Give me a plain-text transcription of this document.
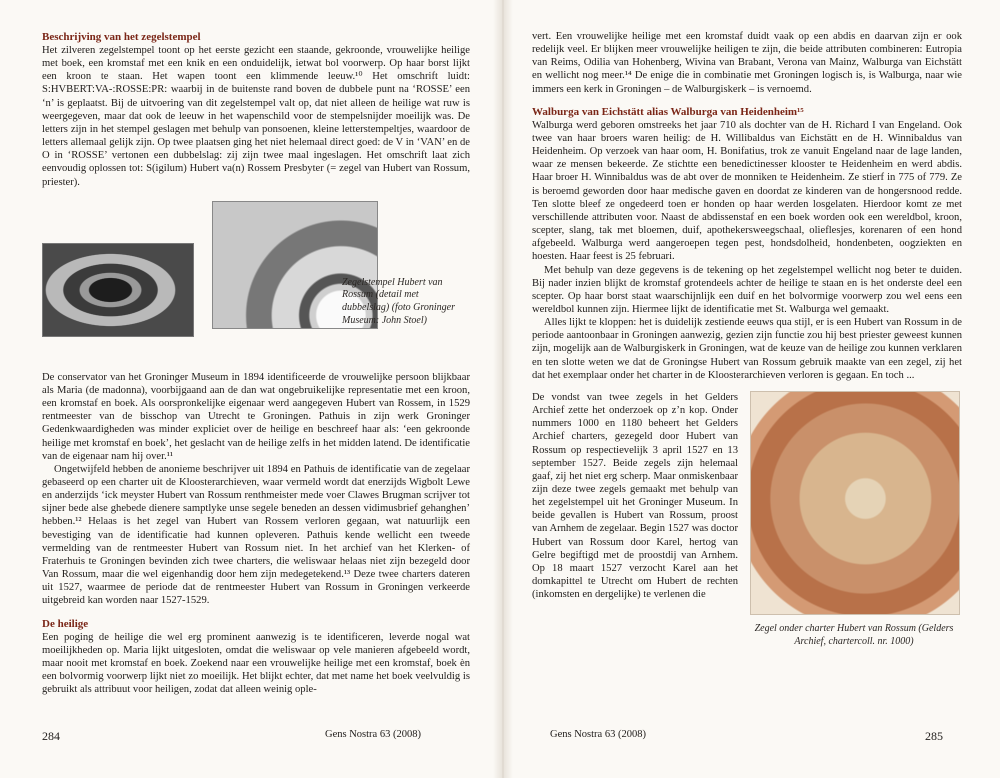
Beschrijving van het zegelstempel

Het zilveren zegelstempel toont op het eerste gezicht een staande, gekroonde, vrouwelijke heilige met boek, een kromstaf met een knik en een onduidelijk, ietwat bol voorwerp. Op haar borst lijkt een kroon te staan. Het wapen toont een klimmende leeuw.¹⁰ Het omschrift luidt: S:HVBERT:VA-:ROSSE:PR: waarbij in de buitenste rand boven de dubbele punt na ‘ROSSE’ een ‘n’ is geplaatst. Bij de uitvoering van dit zegelstempel valt op, dat niet alleen de heilige wat ruw is weergegeven, maar dat ook de leeuw in het wapenschild voor de stempelsnijder moeilijk was. De letters zijn in het stempel geslagen met behulp van ponsoenen, kleine letterstempeltjes, waardoor de letters allemaal gelijk zijn. Op twee plaatsen ging het niet helemaal direct goed: de V in ‘VAN’ en de O in ‘ROSSE’ vertonen een dubbelslag: zij zijn twee maal ingeslagen. Het omschrift laat zich eenvoudig oplossen tot: S(igilum) Hubert va(n) Rossem Presbyter (= zegel van Hubert van Rossum, priester).

Zegelstempel Hubert van Rossum (detail met dubbelslag) (foto Groninger Museum: John Stoel)

De conservator van het Groninger Museum in 1894 identificeerde de vrouwelijke persoon blijkbaar als Maria (de madonna), voorbijgaand aan de dan wat ongebruikelijke representatie met een kroon, een kromstaf en boek. Als oorspronkelijke eigenaar werd aangegeven Hubert van Rossem, in 1529 rentmeester van de bisschop van Utrecht te Groningen. Pathuis in zijn werk Groninger Gedenkwaardigheden was minder expliciet over de heilige en beschreef haar als: ‘een gekroonde heilige met kromstaf en boek’, het geslacht van de heilige zelfs in het midden latend. De identificatie van de eigenaar nam hij over.¹¹

Ongetwijfeld hebben de anonieme beschrijver uit 1894 en Pathuis de identificatie van de zegelaar gebaseerd op een charter uit de Kloosterarchieven, waar vermeld wordt dat enerzijds Wigbolt Lewe en anderzijds ‘ick meyster Hubert van Rossum renthmeister mede voer Clawes Brugman scrijver tot sijner bede alse ghebede dienere samptlyke unse segele beneden an dessen vidimusbrief gehanghen’ hebben.¹² Helaas is het zegel van Hubert van Rossem verloren gegaan, wat natuurlijk een bevestiging van de identificatie had kunnen opleveren. Pathuis kende wellicht een tweede vermelding van de rentmeester Hubert van Rossum niet. In het archief van het Klerken- of Fraterhuis te Groningen bevinden zich twee charters, die weliswaar helaas niet zijn bezegeld door Van Rossum, maar die wel eigenhandig door hem zijn medegetekend.¹³ Deze twee charters dateren uit 1527, waarmee de periode dat de rentmeester Hubert van Rossum in Groningen verkeerde uitgebreid kan worden naar 1527-1529.

De heilige

Een poging de heilige die wel erg prominent aanwezig is te identificeren, leverde nogal wat moeilijkheden op. Maria lijkt uitgesloten, omdat die weliswaar op vele manieren afgebeeld wordt, maar nooit met kromstaf en boek. Zoekend naar een vrouwelijke heilige met een kromstaf, boek èn een bolvormig voorwerp lijkt niet zo moeilijk. Het blijkt echter, dat met name het boek veelvuldig is gebruikt als attribuut voor heiligen, zodat dat alleen weinig ople-

vert. Een vrouwelijke heilige met een kromstaf duidt vaak op een abdis en daarvan zijn er ook redelijk veel. Er blijken meer vrouwelijke heiligen te zijn, die beide attributen combineren: Eutropia van Reims, Odilia van Hohenberg, Wivina van Brabant, Verona van Mainz, Walburga van Eichstätt en wellicht nog meer.¹⁴ De enige die in combinatie met Groningen logisch is, is Walburga, naar wie immers een kerk in Groningen – de Walburgiskerk – is vernoemd.

Walburga van Eichstätt alias Walburga van Heidenheim¹⁵

Walburga werd geboren omstreeks het jaar 710 als dochter van de H. Richard I van Engeland. Ook twee van haar broers waren heilig: de H. Willibaldus van Eichstätt en de H. Winnibaldus van Heidenheim. Op verzoek van haar oom, H. Bonifatius, trok ze vanuit Engeland naar de lage landen, waar ze mensen bekeerde. Ze stichtte een benedictinesser klooster te Heidenheim en werd abdis. Haar broer H. Winnibaldus was de abt over de monniken te Heidenheim. Ze stierf in 775 of 779. Ze is beroemd geworden door haar medische gaven en doordat ze kinderen van de hongersnood redde. Ten slotte bleef ze ongedeerd toen er honden op haar werden losgelaten. Hierdoor komt ze met verschillende attributen voor. Naast de abdissenstaf en een boek worden ook een wereldbol, kroon, scepter, slang, tak met bloemen, duif, apothekersweegschaal, olieflesjes, korenaren of een hond afgebeeld. Walburga werd aangeroepen tegen pest, hondsdolheid, hondenbeten, oogziekten en hoesten. Haar feest is 25 februari.

Met behulp van deze gegevens is de tekening op het zegelstempel wellicht nog beter te duiden. Bij nader inzien blijkt de kromstaf grotendeels achter de heilige te staan en is het onderste deel een scepter. Op haar borst staat waarschijnlijk een duif en het bolvormige voorwerp zou wel eens een wereldbol kunnen zijn. Hiermee lijkt de identificatie met St. Walburga wel gemaakt.

Alles lijkt te kloppen: het is duidelijk zestiende eeuws qua stijl, er is een Hubert van Rossum in de periode aantoonbaar in Groningen aanwezig, gezien zijn functie zou hij best priester geweest kunnen zijn, mogelijk aan de Walburgiskerk in Groningen, wat de keuze van de heilige zou kunnen verklaren en ten slotte weten we dat de Groningse Hubert van Rossum gebruik maakte van een zegel, zij het dat het exemplaar onder het charter in de Kloosterarchieven verloren is gegaan. En toch ...

De vondst van twee zegels in het Gelders Archief zette het onderzoek op z’n kop. Onder nummers 1000 en 1180 beheert het Gelders Archief charters, gezegeld door Hubert van Rossum op respectievelijk 3 april 1527 en 13 september 1527. Beide zegels zijn helemaal gaaf, zij het niet erg scherp. Maar onmiskenbaar zijn deze twee zegels gemaakt met behulp van het zegelstempel uit het Groninger Museum. In beide gevallen is Hubert van Rossum, proost van Arnhem de zegelaar. Begin 1527 was doctor Hubert van Rossum door Karel, hertog van Gelre begiftigd met de proostdij van Arnhem. Op 18 maart 1527 verzocht Karel aan het domkapittel te Utrecht om Hubert de rechten (inkomsten en dergelijke) te verlenen die

Zegel onder charter Hubert van Rossum (Gelders Archief, chartercoll. nr. 1000)
284	Gens Nostra 63 (2008)	Gens Nostra 63 (2008)	285
